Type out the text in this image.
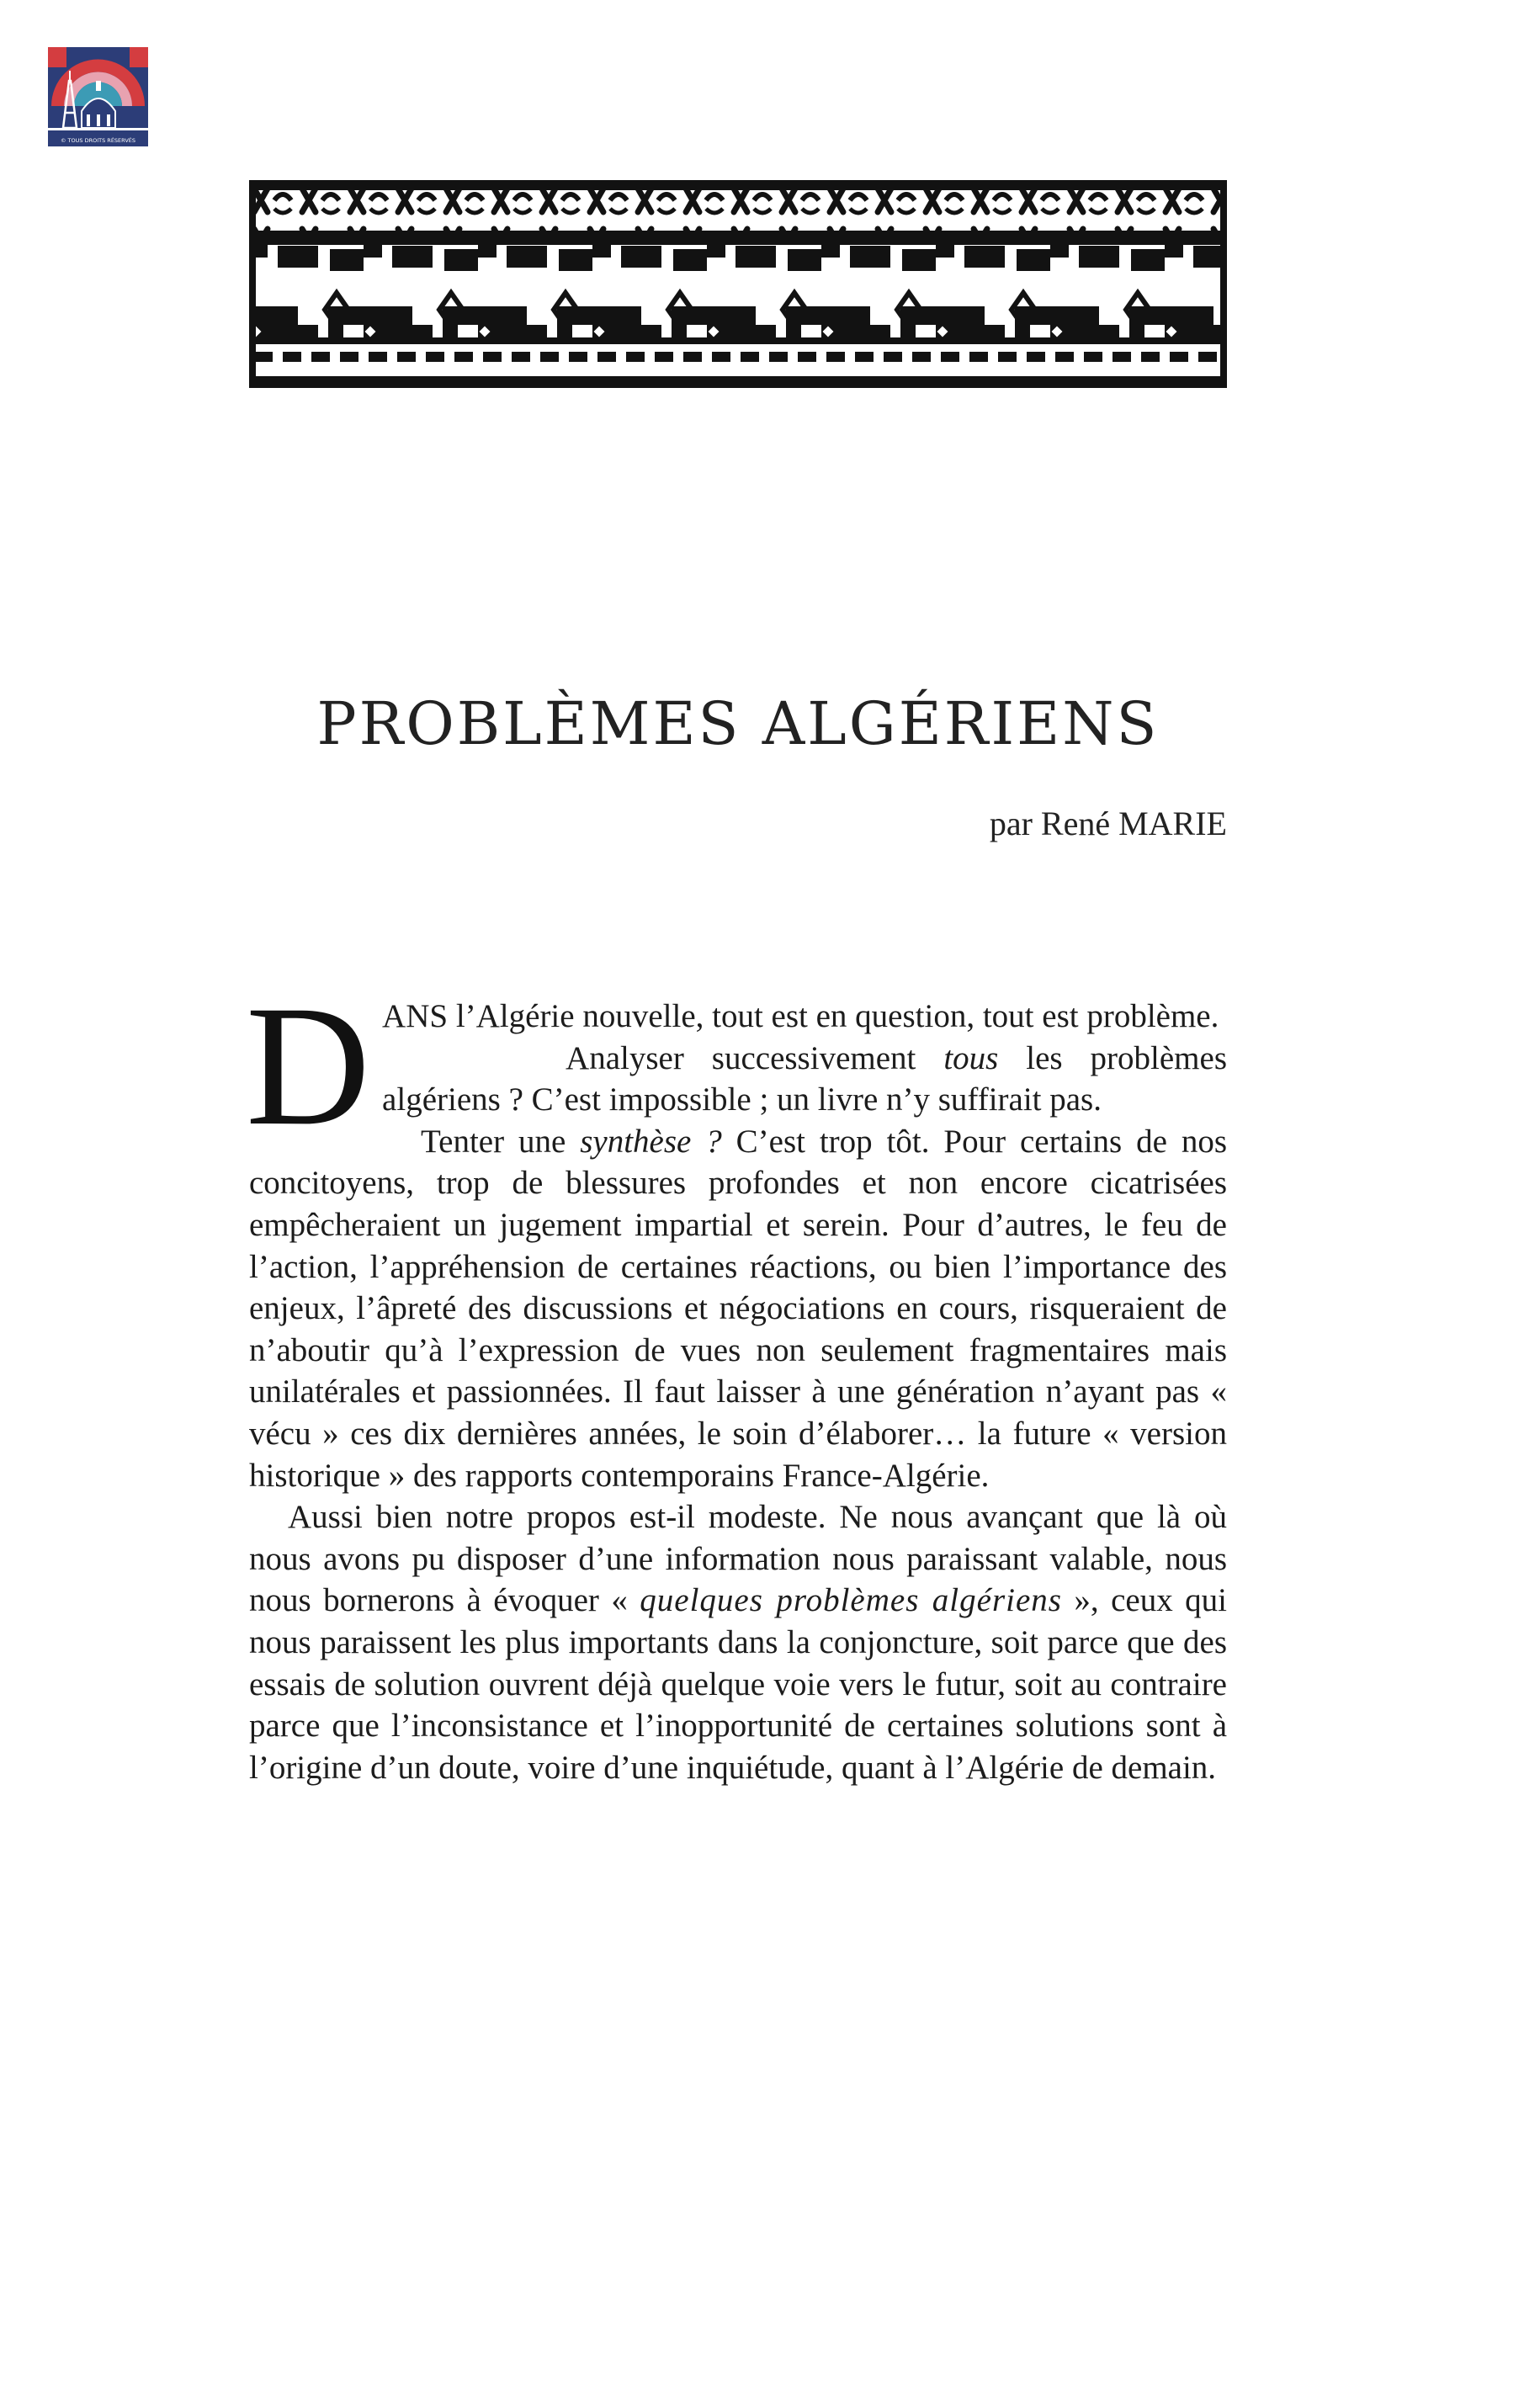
© TOUS DROITS RÉSERVÉS
PROBLÈMES ALGÉRIENS
par René MARIE

DANS l’Algérie nouvelle, tout est en question, tout est problème.

Analyser successivement tous les problèmes algériens ? C’est impossible ; un livre n’y suffirait pas.

Tenter une synthèse ? C’est trop tôt. Pour certains de nos concitoyens, trop de blessures profondes et non encore cicatrisées empêcheraient un jugement impartial et serein. Pour d’autres, le feu de l’action, l’appréhension de certaines réactions, ou bien l’importance des enjeux, l’âpreté des discussions et négociations en cours, risqueraient de n’aboutir qu’à l’expression de vues non seulement fragmentaires mais unilatérales et passionnées. Il faut laisser à une génération n’ayant pas « vécu » ces dix dernières années, le soin d’élaborer… la future « version historique » des rapports contemporains France-Algérie.

Aussi bien notre propos est-il modeste. Ne nous avançant que là où nous avons pu disposer d’une information nous paraissant valable, nous nous bornerons à évoquer « quelques problèmes algériens », ceux qui nous paraissent les plus importants dans la conjoncture, soit parce que des essais de solution ouvrent déjà quelque voie vers le futur, soit au contraire parce que l’inconsistance et l’inopportunité de certaines solutions sont à l’origine d’un doute, voire d’une inquiétude, quant à l’Algérie de demain.
